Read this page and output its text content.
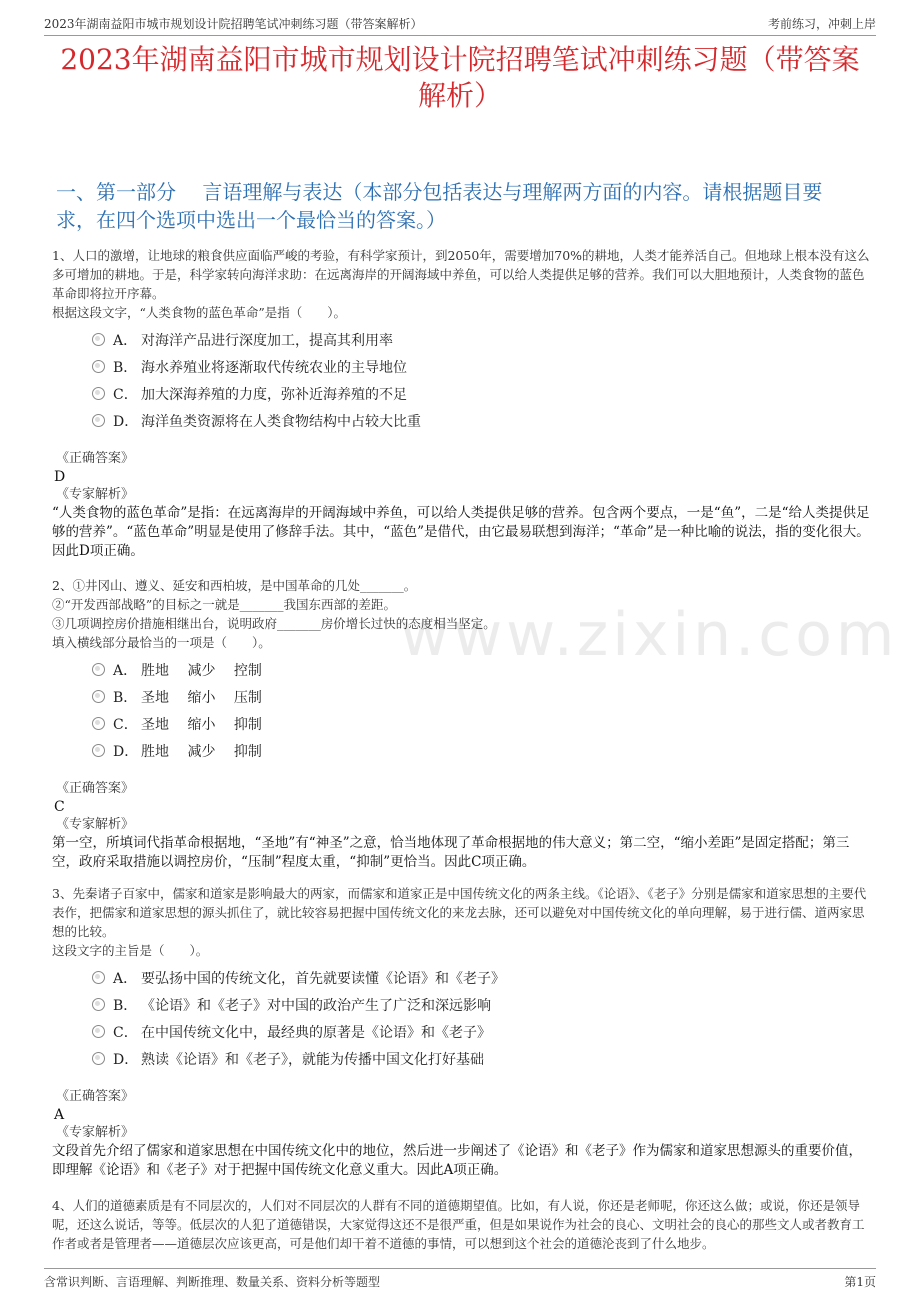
2023年湖南益阳市城市规划设计院招聘笔试冲刺练习题（带答案解析）	考前练习，冲刺上岸
www.zixin.com
2023年湖南益阳市城市规划设计院招聘笔试冲刺练习题（带答案解析）
一、第一部分　 言语理解与表达（本部分包括表达与理解两方面的内容。请根据题目要求，在四个选项中选出一个最恰当的答案。）

1、人口的激增，让地球的粮食供应面临严峻的考验，有科学家预计，到2050年，需要增加70%的耕地，人类才能养活自己。但地球上根本没有这么多可增加的耕地。于是，科学家转向海洋求助：在远离海岸的开阔海域中养鱼，可以给人类提供足够的营养。我们可以大胆地预计，人类食物的蓝色革命即将拉开序幕。

根据这段文字，“人类食物的蓝色革命”是指（　　）。

A． 对海洋产品进行深度加工，提高其利用率
B． 海水养殖业将逐渐取代传统农业的主导地位
C． 加大深海养殖的力度，弥补近海养殖的不足
D． 海洋鱼类资源将在人类食物结构中占较大比重
《正确答案》
D
《专家解析》

“人类食物的蓝色革命”是指：在远离海岸的开阔海域中养鱼，可以给人类提供足够的营养。包含两个要点，一是“鱼”，二是“给人类提供足够的营养”。“蓝色革命”明显是使用了修辞手法。其中，“蓝色”是借代，由它最易联想到海洋；“革命”是一种比喻的说法，指的变化很大。因此D项正确。

2、①井冈山、遵义、延安和西柏坡，是中国革命的几处_______。

②“开发西部战略”的目标之一就是_______我国东西部的差距。

③几项调控房价措施相继出台，说明政府_______房价增长过快的态度相当坚定。

填入横线部分最恰当的一项是（　　）。

A． 胜地　 减少　 控制
B． 圣地　 缩小　 压制
C． 圣地　 缩小　 抑制
D． 胜地　 减少　 抑制
《正确答案》
C
《专家解析》

第一空，所填词代指革命根据地，“圣地”有“神圣”之意，恰当地体现了革命根据地的伟大意义；第二空，“缩小差距”是固定搭配；第三空，政府采取措施以调控房价，“压制”程度太重，“抑制”更恰当。因此C项正确。

3、先秦诸子百家中，儒家和道家是影响最大的两家，而儒家和道家正是中国传统文化的两条主线。《论语》、《老子》分别是儒家和道家思想的主要代表作，把儒家和道家思想的源头抓住了，就比较容易把握中国传统文化的来龙去脉，还可以避免对中国传统文化的单向理解，易于进行儒、道两家思想的比较。

这段文字的主旨是（　　）。

A． 要弘扬中国的传统文化，首先就要读懂《论语》和《老子》
B． 《论语》和《老子》对中国的政治产生了广泛和深远影响
C． 在中国传统文化中，最经典的原著是《论语》和《老子》
D． 熟读《论语》和《老子》，就能为传播中国文化打好基础
《正确答案》
A
《专家解析》

文段首先介绍了儒家和道家思想在中国传统文化中的地位，然后进一步阐述了《论语》和《老子》作为儒家和道家思想源头的重要价值，即理解《论语》和《老子》对于把握中国传统文化意义重大。因此A项正确。

4、人们的道德素质是有不同层次的，人们对不同层次的人群有不同的道德期望值。比如，有人说，你还是老师呢，你还这么做；或说，你还是领导呢，还这么说话，等等。低层次的人犯了道德错误，大家觉得这还不是很严重，但是如果说作为社会的良心、文明社会的良心的那些文人或者教育工作者或者是管理者——道德层次应该更高，可是他们却干着不道德的事情，可以想到这个社会的道德沦丧到了什么地步。

含常识判断、言语理解、判断推理、数量关系、资料分析等题型	第1页
